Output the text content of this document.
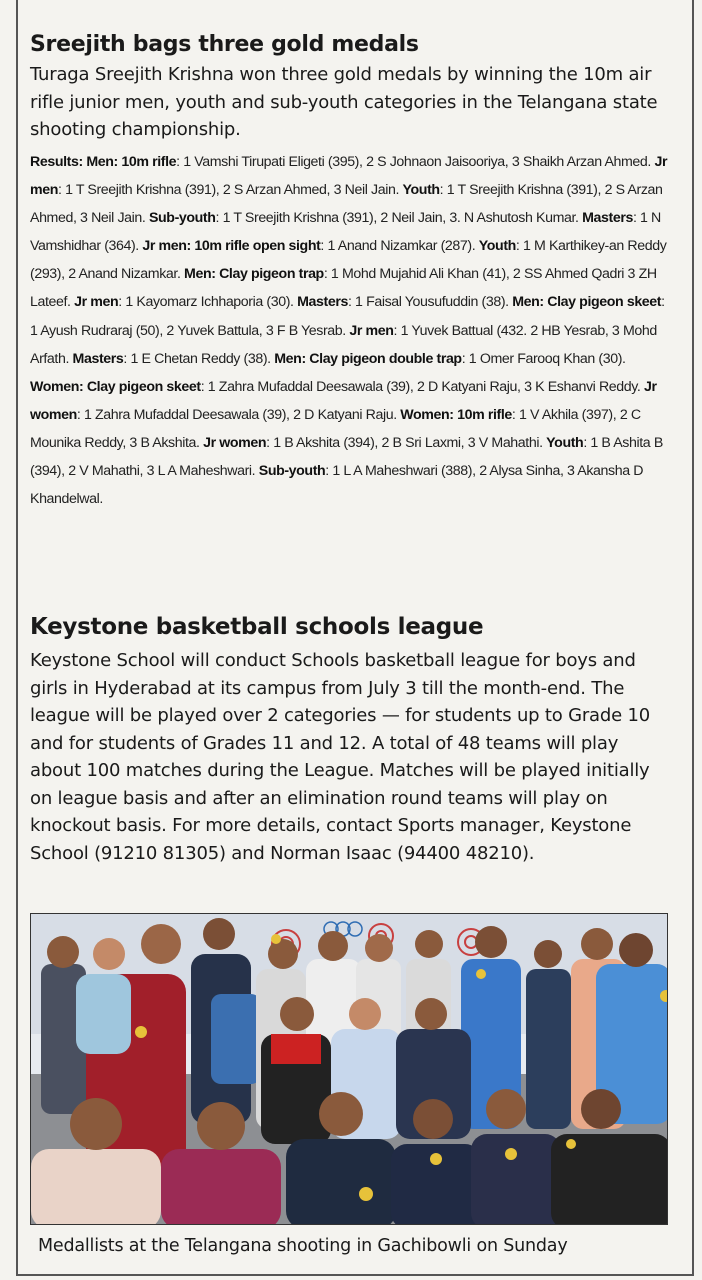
Sreejith bags three gold medals

Turaga Sreejith Krishna won three gold medals by winning the 10m air rifle junior men, youth and sub-youth categories in the Telangana state shooting championship.

Results: Men: 10m rifle: 1 Vamshi Tirupati Eligeti (395), 2 S Johnaon Jaisooriya, 3 Shaikh Arzan Ahmed. Jr men: 1 T Sreejith Krishna (391), 2 S Arzan Ahmed, 3 Neil Jain. Youth: 1 T Sreejith Krishna (391), 2 S Arzan Ahmed, 3 Neil Jain. Sub-youth: 1 T Sreejith Krishna (391), 2 Neil Jain, 3. N Ashutosh Kumar. Masters: 1 N Vamshidhar (364). Jr men: 10m rifle open sight: 1 Anand Nizamkar (287). Youth: 1 M Karthikey-an Reddy (293), 2 Anand Nizamkar. Men: Clay pigeon trap: 1 Mohd Mujahid Ali Khan (41), 2 SS Ahmed Qadri 3 ZH Lateef. Jr men: 1 Kayomarz Ichhaporia (30). Masters: 1 Faisal Yousufuddin (38). Men: Clay pigeon skeet: 1 Ayush Rudraraj (50), 2 Yuvek Battula, 3 F B Yesrab. Jr men: 1 Yuvek Battual (432. 2 HB Yesrab, 3 Mohd Arfath. Masters: 1 E Chetan Reddy (38). Men: Clay pigeon double trap: 1 Omer Farooq Khan (30). Women: Clay pigeon skeet: 1 Zahra Mufaddal Deesawala (39), 2 D Katyani Raju, 3 K Eshanvi Reddy. Jr women: 1 Zahra Mufaddal Deesawala (39), 2 D Katyani Raju. Women: 10m rifle: 1 V Akhila (397), 2 C Mounika Reddy, 3 B Akshita. Jr women: 1 B Akshita (394), 2 B Sri Laxmi, 3 V Mahathi. Youth: 1 B Ashita B (394), 2 V Mahathi, 3 L A Maheshwari. Sub-youth: 1 L A Maheshwari (388), 2 Alysa Sinha, 3 Akansha D Khandelwal.

Keystone basketball schools league

Keystone School will conduct Schools basketball league for boys and girls in Hyderabad at its campus from July 3 till the month-end. The league will be played over 2 categories — for students up to Grade 10 and for students of Grades 11 and 12. A total of 48 teams will play about 100 matches during the League. Matches will be played initially on league basis and after an elimination round teams will play on knockout basis. For more details, contact Sports manager, Keystone School (91210 81305) and Norman Isaac (94400 48210).

Medallists at the Telangana shooting in Gachibowli on Sunday
